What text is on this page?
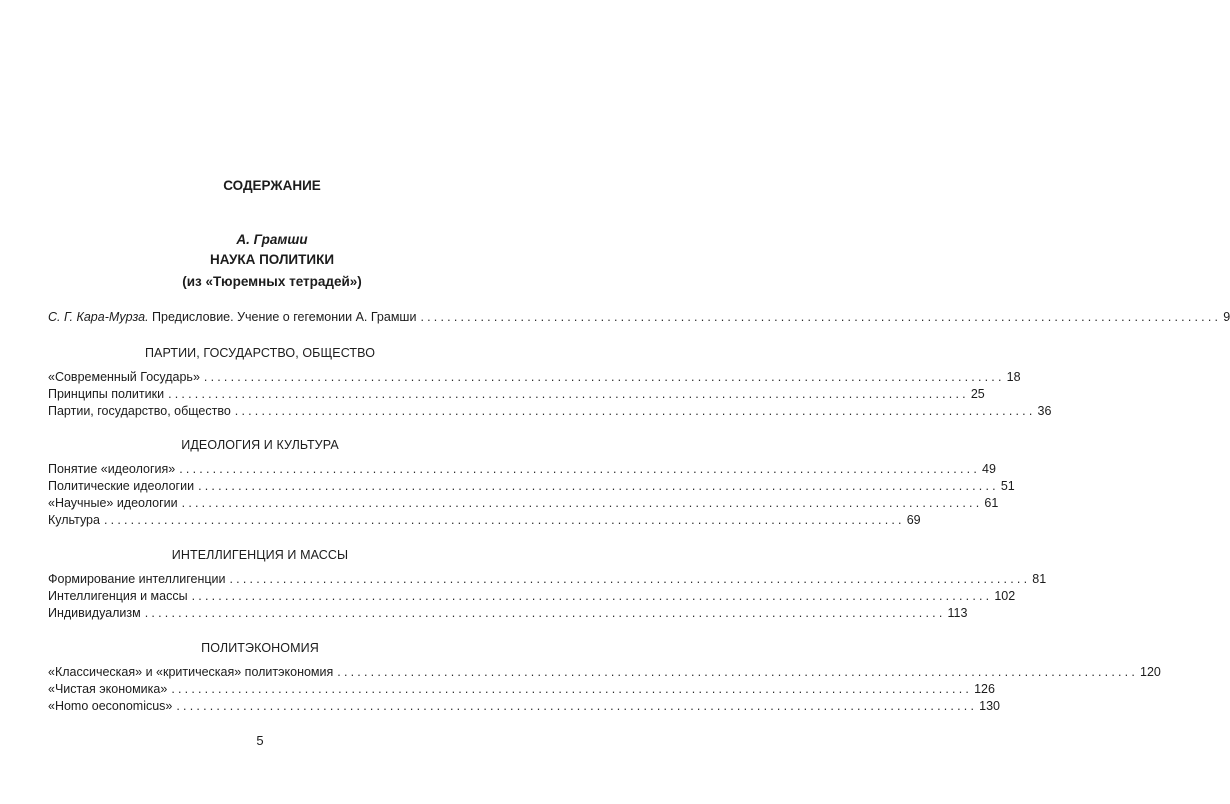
СОДЕРЖАНИЕ
А. Грамши
НАУКА ПОЛИТИКИ
(из «Тюремных тетрадей»)
С. Г. Кара-Мурза. Предисловие. Учение о гегемонии А. Грамши ........................................................................................................................ 9
ПАРТИИ, ГОСУДАРСТВО, ОБЩЕСТВО
«Современный Государь» ........................................................................................................................ 18
Принципы политики ........................................................................................................................ 25
Партии, государство, общество ........................................................................................................................ 36
ИДЕОЛОГИЯ И КУЛЬТУРА
Понятие «идеология» ........................................................................................................................ 49
Политические идеологии ........................................................................................................................ 51
«Научные» идеологии ........................................................................................................................ 61
Культура ........................................................................................................................ 69
ИНТЕЛЛИГЕНЦИЯ И МАССЫ
Формирование интеллигенции ........................................................................................................................ 81
Интеллигенция и массы ........................................................................................................................ 102
Индивидуализм ........................................................................................................................ 113
ПОЛИТЭКОНОМИЯ
«Классическая» и «критическая» политэкономия ........................................................................................................................ 120
«Чистая экономика» ........................................................................................................................ 126
«Homo oeconomicus» ........................................................................................................................ 130
5
